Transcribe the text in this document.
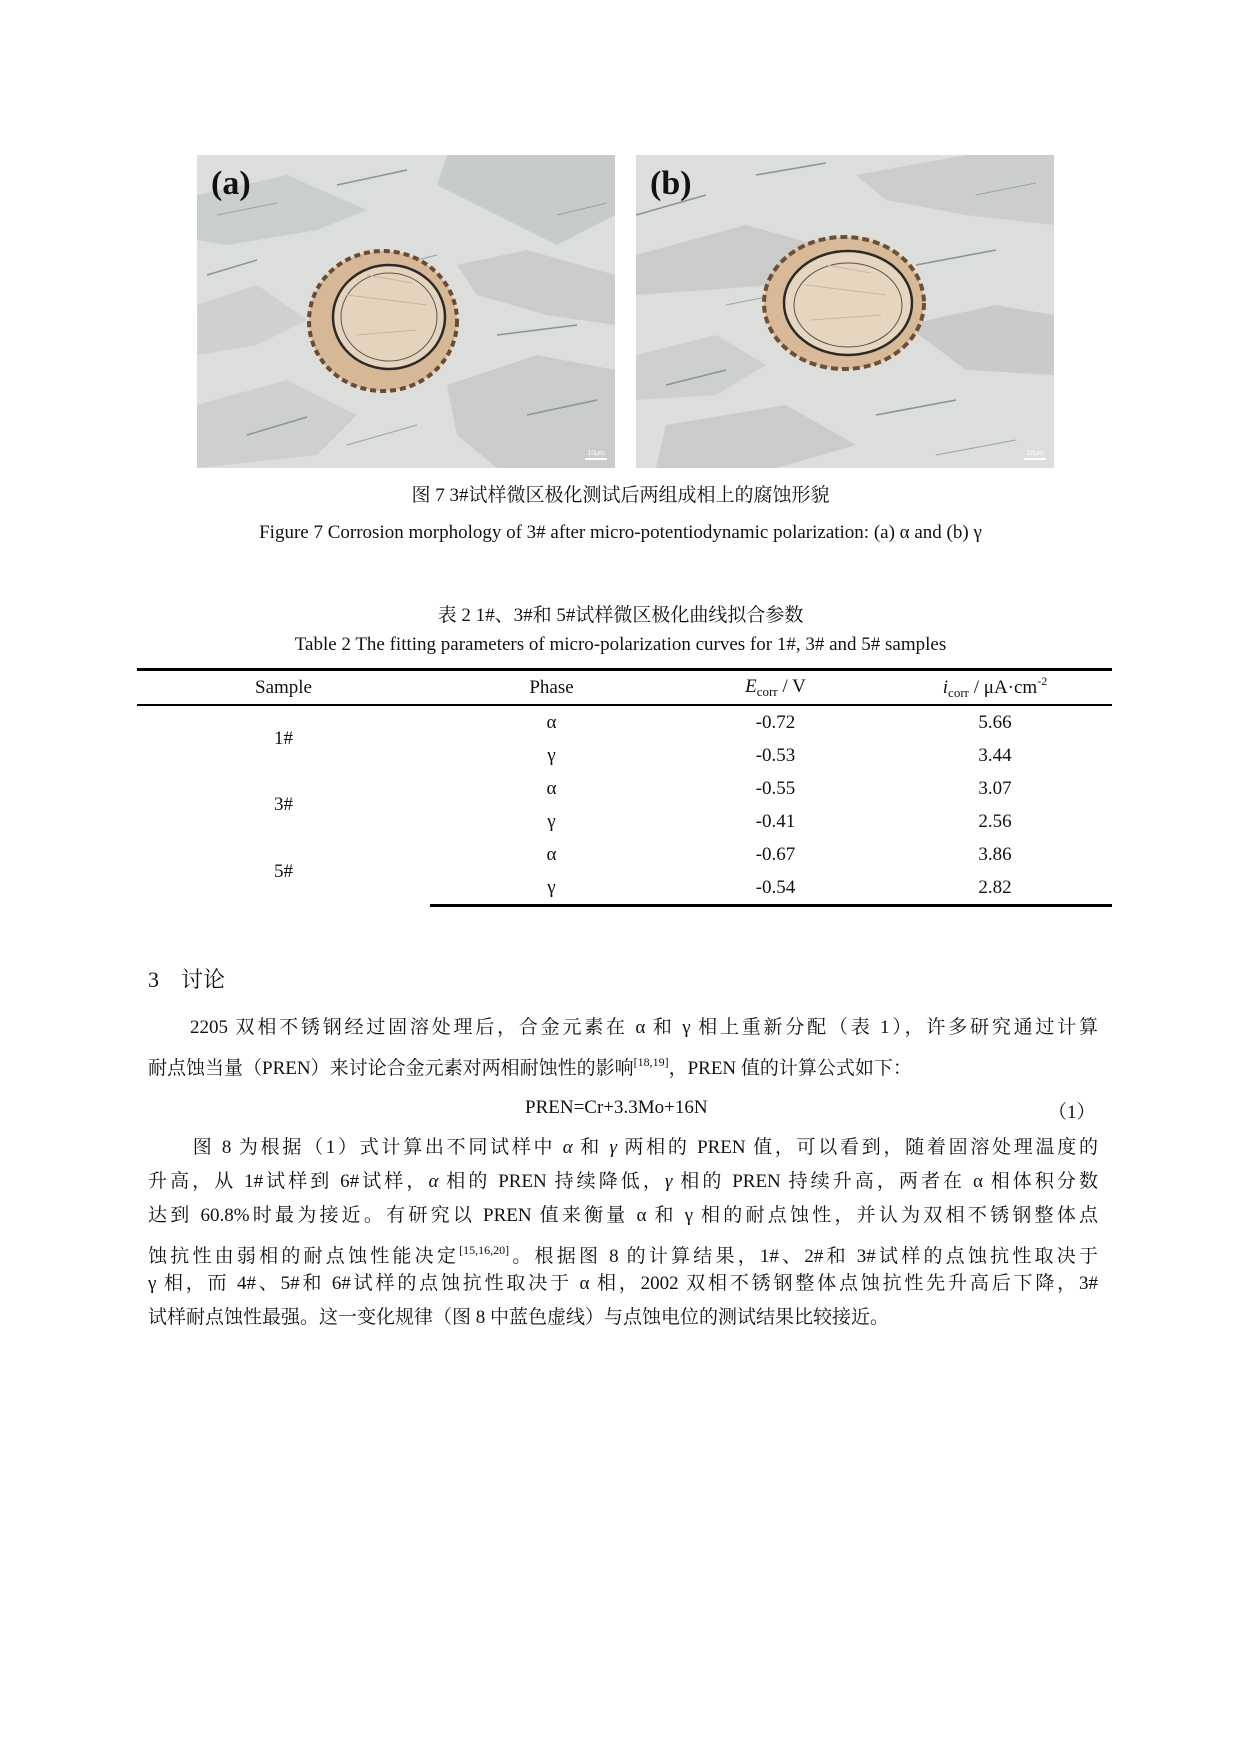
(a)
10μm
(b)
10μm
图 7 3#试样微区极化测试后两组成相上的腐蚀形貌
Figure 7 Corrosion morphology of 3# after micro-potentiodynamic polarization: (a) α and (b) γ
表 2 1#、3#和 5#试样微区极化曲线拟合参数
Table 2 The fitting parameters of micro-polarization curves for 1#, 3# and 5# samples
Sample	Phase	$E_{corr}$ / V	$i_{corr} / \mu A\cdot cm^{-2}$
1#	α	-0.72	5.66
	γ	-0.53	3.44
3#	α	-0.55	3.07
	γ	-0.41	2.56
5#	α	-0.67	3.86
	γ	-0.54	2.82
3 讨论
2205 双相不锈钢经过固溶处理后，合金元素在 α 和 γ 相上重新分配（表 1），许多研究通过计算
耐点蚀当量（PREN）来讨论合金元素对两相耐蚀性的影响[18,19]，PREN 值的计算公式如下：
PREN=Cr+3.3Mo+16N	（1）
图 8 为根据（1）式计算出不同试样中 α 和 γ 两相的 PREN 值，可以看到，随着固溶处理温度的
升高，从 1#试样到 6#试样，α 相的 PREN 持续降低，γ 相的 PREN 持续升高，两者在 α 相体积分数
达到 60.8%时最为接近。有研究以 PREN 值来衡量 α 和 γ 相的耐点蚀性，并认为双相不锈钢整体点
蚀抗性由弱相的耐点蚀性能决定[15,16,20]。根据图 8 的计算结果，1#、2#和 3#试样的点蚀抗性取决于
γ 相，而 4#、5#和 6#试样的点蚀抗性取决于 α 相，2002 双相不锈钢整体点蚀抗性先升高后下降，3#
试样耐点蚀性最强。这一变化规律（图 8 中蓝色虚线）与点蚀电位的测试结果比较接近。
